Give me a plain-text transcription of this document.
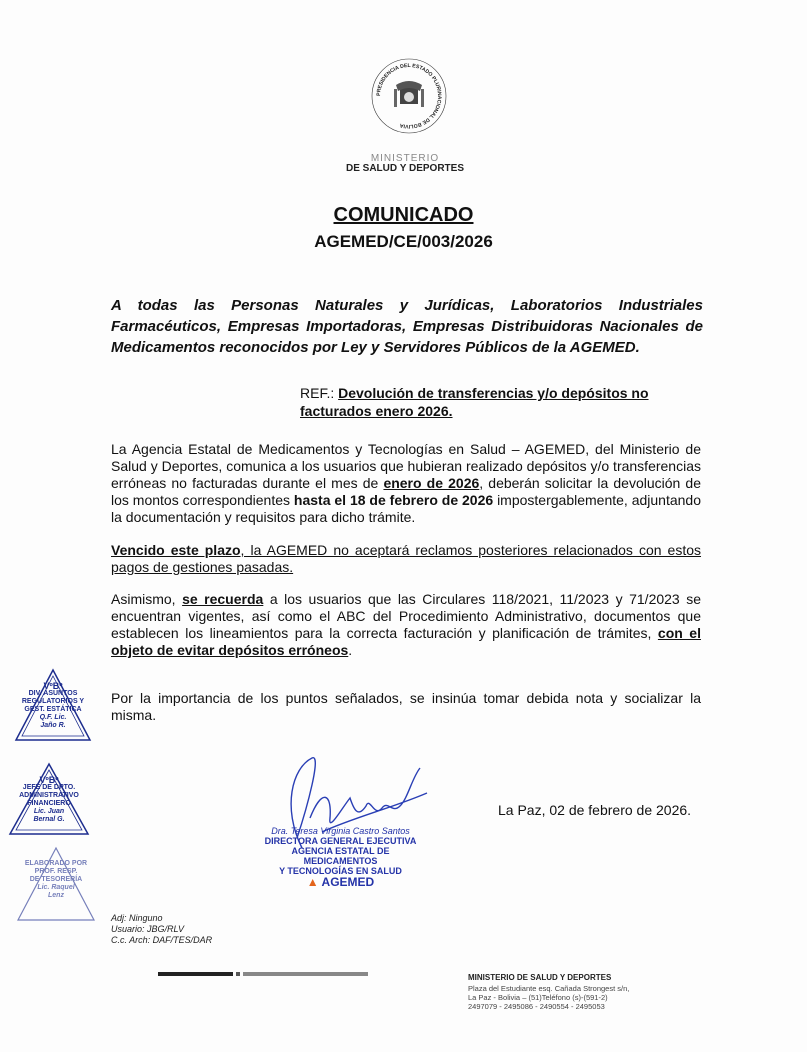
PRESIDENCIA DEL ESTADO PLURINACIONAL DE BOLIVIA
MINISTERIO
DE SALUD Y DEPORTES
COMUNICADO
AGEMED/CE/003/2026
A todas las Personas Naturales y Jurídicas, Laboratorios Industriales Farmacéuticos, Empresas Importadoras, Empresas Distribuidoras Nacionales de Medicamentos reconocidos por Ley y Servidores Públicos de la AGEMED.
REF.: Devolución de transferencias y/o depósitos no facturados enero 2026.

La Agencia Estatal de Medicamentos y Tecnologías en Salud – AGEMED, del Ministerio de Salud y Deportes, comunica a los usuarios que hubieran realizado depósitos y/o transferencias erróneas no facturadas durante el mes de enero de 2026, deberán solicitar la devolución de los montos correspondientes hasta el 18 de febrero de 2026 impostergablemente, adjuntando la documentación y requisitos para dicho trámite.

Vencido este plazo, la AGEMED no aceptará reclamos posteriores relacionados con estos pagos de gestiones pasadas.

Asimismo, se recuerda a los usuarios que las Circulares 118/2021, 11/2023 y 71/2023 se encuentran vigentes, así como el ABC del Procedimiento Administrativo, documentos que establecen los lineamientos para la correcta facturación y planificación de trámites, con el objeto de evitar depósitos erróneos.

Por la importancia de los puntos señalados, se insinúa tomar debida nota y socializar la misma.

VºBº
DIV. ASUNTOS
REGULATORIOS Y
GEST. ESTÁTICA
Q.F. Lic.
Jaño R.
VºBº
JEFE DE DPTO.
ADMINISTRATIVO
FINANCIERO
Lic. Juan
Bernal G.
ELABORADO POR
PROF. RESP.
DE TESORERÍA
Lic. Raquel
Lenz
Dra. Teresa Virginia Castro Santos
DIRECTORA GENERAL EJECUTIVA
AGENCIA ESTATAL DE MEDICAMENTOS
Y TECNOLOGÍAS EN SALUD
▲ AGEMED
La Paz, 02 de febrero de 2026.
Adj: Ninguno
Usuario: JBG/RLV
C.c. Arch: DAF/TES/DAR
MINISTERIO DE SALUD Y DEPORTES
Plaza del Estudiante esq. Cañada Strongest s/n,
La Paz - Bolivia – (51)Teléfono (s)-(591-2)
2497079 - 2495086 - 2490554 - 2495053
